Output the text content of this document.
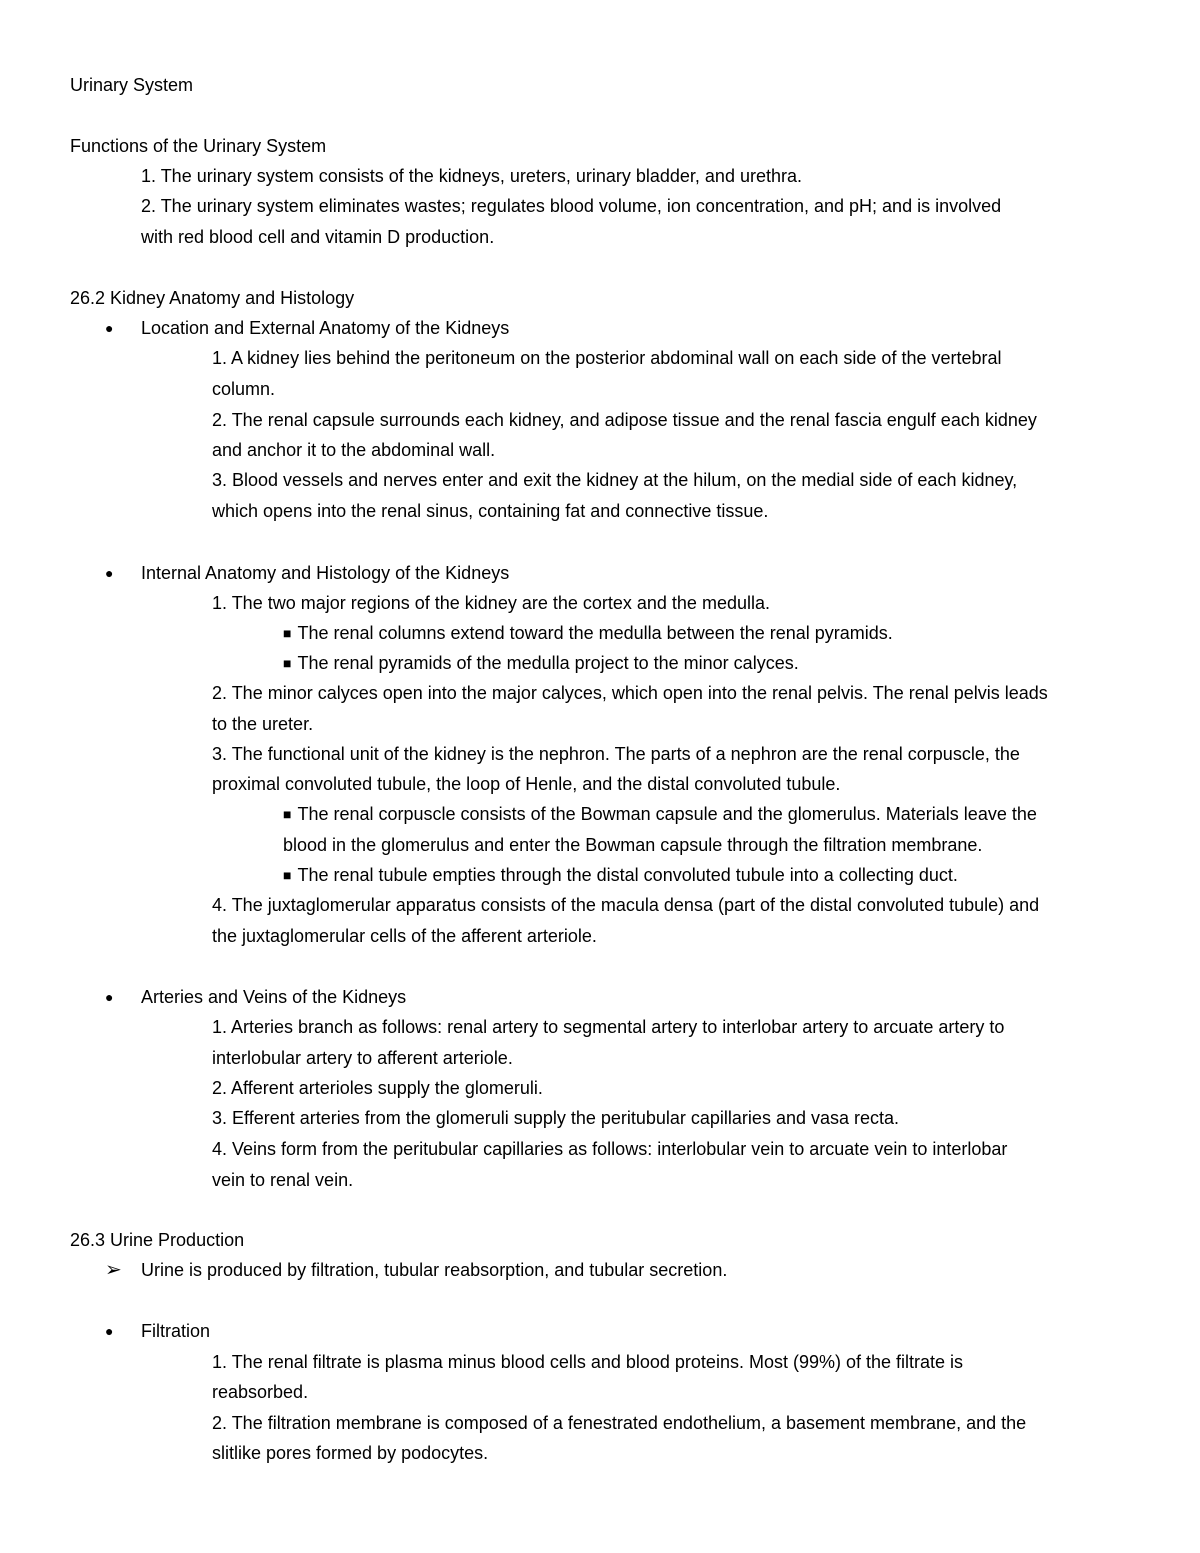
Urinary System
Functions of the Urinary System
1. The urinary system consists of the kidneys, ureters, urinary bladder, and urethra.
2. The urinary system eliminates wastes; regulates blood volume, ion concentration, and pH; and is involved
with red blood cell and vitamin D production.
26.2 Kidney Anatomy and Histology
● Location and External Anatomy of the Kidneys
1. A kidney lies behind the peritoneum on the posterior abdominal wall on each side of the vertebral
column.
2. The renal capsule surrounds each kidney, and adipose tissue and the renal fascia engulf each kidney
and anchor it to the abdominal wall.
3. Blood vessels and nerves enter and exit the kidney at the hilum, on the medial side of each kidney,
which opens into the renal sinus, containing fat and connective tissue.
● Internal Anatomy and Histology of the Kidneys
1. The two major regions of the kidney are the cortex and the medulla.
■ The renal columns extend toward the medulla between the renal pyramids.
■ The renal pyramids of the medulla project to the minor calyces.
2. The minor calyces open into the major calyces, which open into the renal pelvis. The renal pelvis leads
to the ureter.
3. The functional unit of the kidney is the nephron. The parts of a nephron are the renal corpuscle, the
proximal convoluted tubule, the loop of Henle, and the distal convoluted tubule.
■ The renal corpuscle consists of the Bowman capsule and the glomerulus. Materials leave the
blood in the glomerulus and enter the Bowman capsule through the filtration membrane.
■ The renal tubule empties through the distal convoluted tubule into a collecting duct.
4. The juxtaglomerular apparatus consists of the macula densa (part of the distal convoluted tubule) and
the juxtaglomerular cells of the afferent arteriole.
● Arteries and Veins of the Kidneys
1. Arteries branch as follows: renal artery to segmental artery to interlobar artery to arcuate artery to
interlobular artery to afferent arteriole.
2. Afferent arterioles supply the glomeruli.
3. Efferent arteries from the glomeruli supply the peritubular capillaries and vasa recta.
4. Veins form from the peritubular capillaries as follows: interlobular vein to arcuate vein to interlobar
vein to renal vein.
26.3 Urine Production
➢ Urine is produced by filtration, tubular reabsorption, and tubular secretion.
● Filtration
1. The renal filtrate is plasma minus blood cells and blood proteins. Most (99%) of the filtrate is
reabsorbed.
2. The filtration membrane is composed of a fenestrated endothelium, a basement membrane, and the
slitlike pores formed by podocytes.
